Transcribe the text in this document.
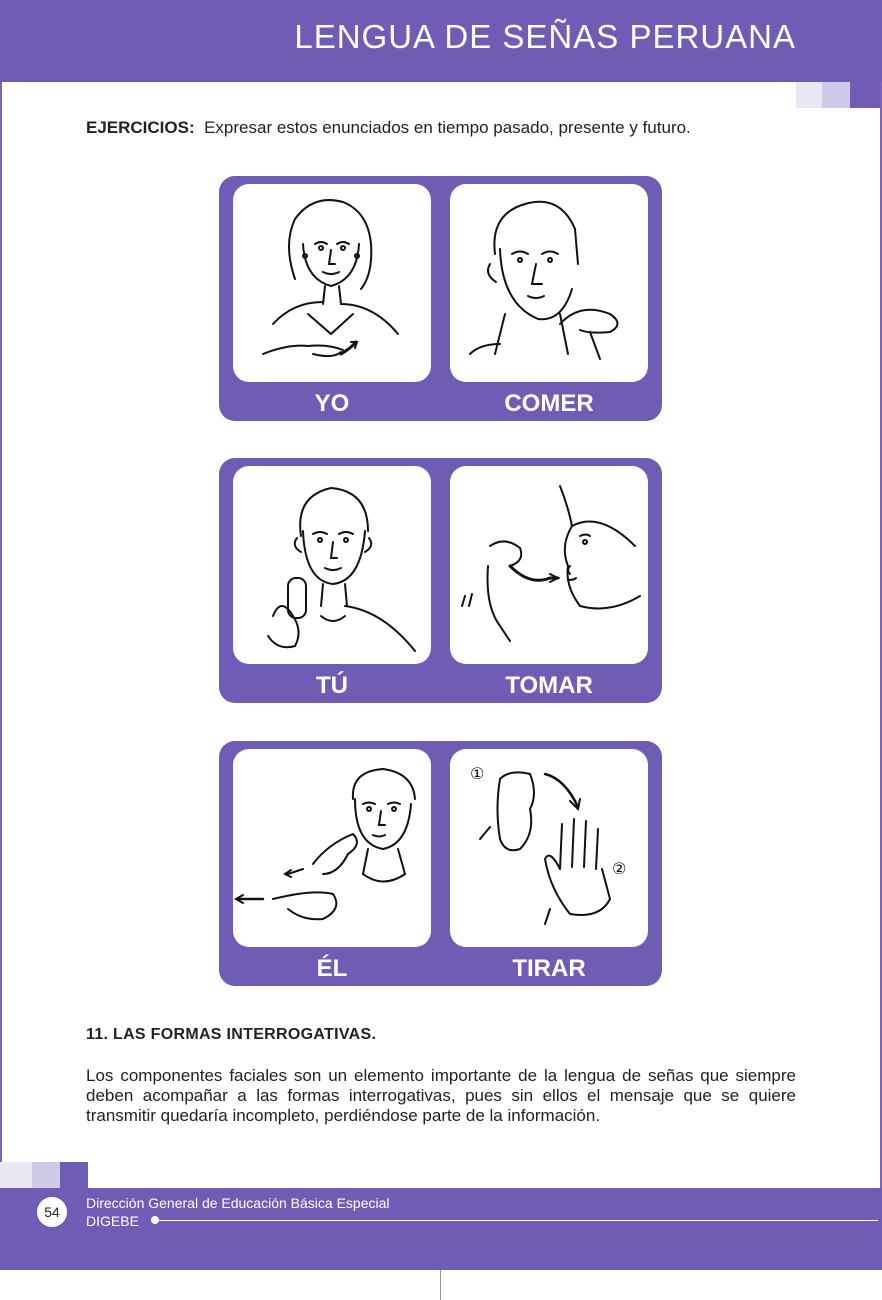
LENGUA DE SEÑAS PERUANA
EJERCICIOS: Expresar estos enunciados en tiempo pasado, presente y futuro.
YO	COMER
TÚ	TOMAR
①
②
ÉL	TIRAR
11. LAS FORMAS INTERROGATIVAS.
Los componentes faciales son un elemento importante de la lengua de señas que siempre deben acompañar a las formas interrogativas, pues sin ellos el mensaje que se quiere transmitir quedaría incompleto, perdiéndose parte de la información.
54
Dirección General de Educación Básica Especial
DIGEBE
